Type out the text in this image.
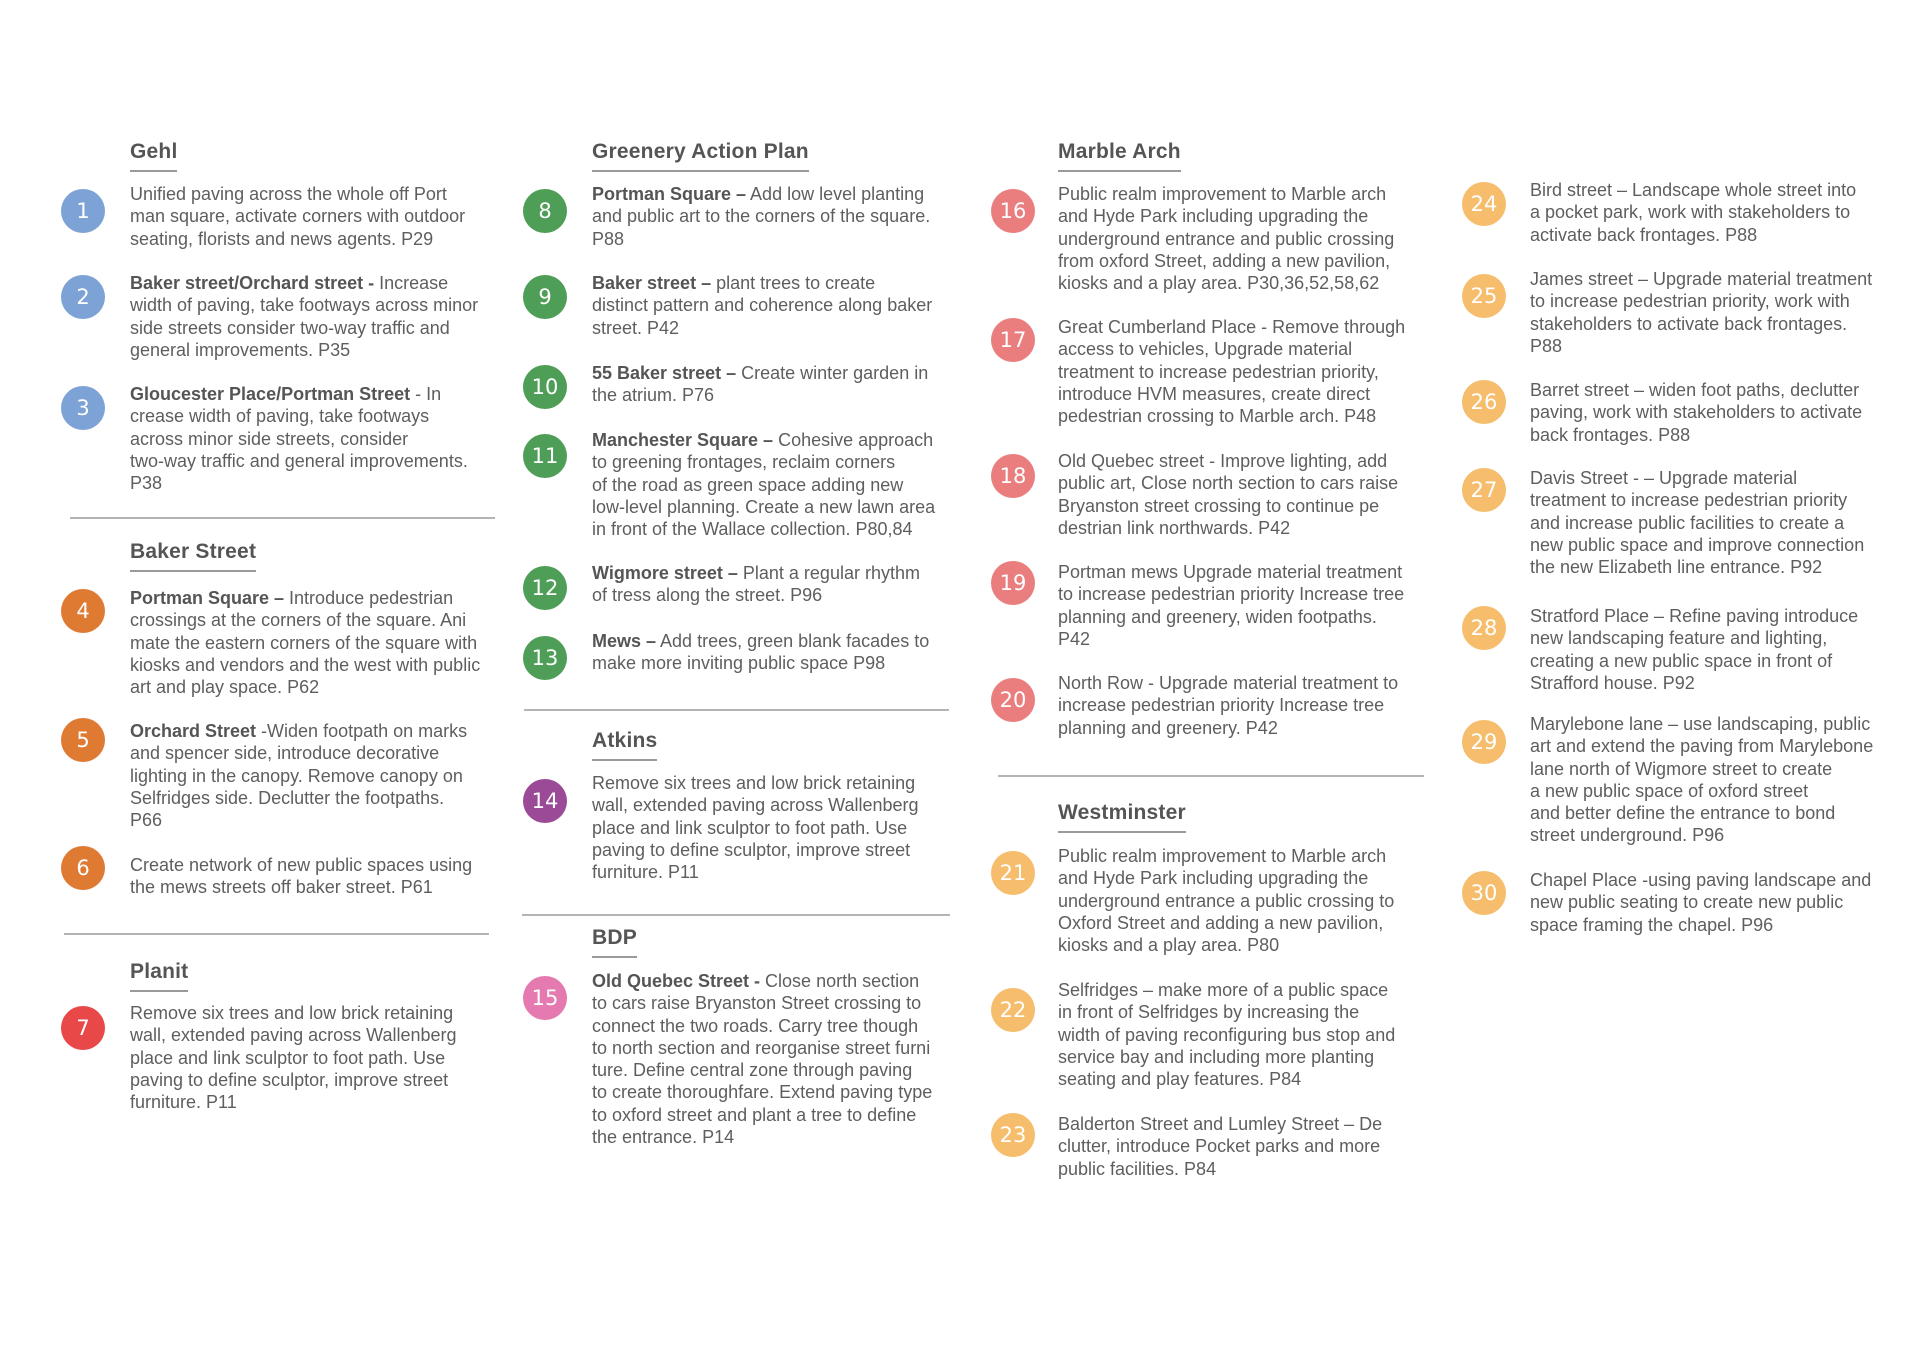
Gehl
1
Unified paving across the whole off Port
man square, activate corners with outdoor
seating, florists and news agents. P29
2
Baker street/Orchard street - Increase
width of paving, take footways across minor
side streets consider two-way traffic and
general improvements. P35
3
Gloucester Place/Portman Street - In
crease width of paving, take footways
across minor side streets, consider
two-way traffic and general improvements.
P38
Baker Street
4
Portman Square – Introduce pedestrian
crossings at the corners of the square. Ani
mate the eastern corners of the square with
kiosks and vendors and the west with public
art and play space. P62
5	Orchard Street -Widen footpath on marks
and spencer side, introduce decorative
lighting in the canopy. Remove canopy on
Selfridges side. Declutter the footpaths.
P66
6	Create network of new public spaces using
the mews streets off baker street. P61
Planit
7
Remove six trees and low brick retaining
wall, extended paving across Wallenberg
place and link sculptor to foot path. Use
paving to define sculptor, improve street
furniture. P11
Greenery Action Plan
8
Portman Square – Add low level planting
and public art to the corners of the square.
P88
9
Baker street – plant trees to create
distinct pattern and coherence along baker
street. P42
10
55 Baker street – Create winter garden in
the atrium. P76
11
Manchester Square – Cohesive approach
to greening frontages, reclaim corners
of the road as green space adding new
low-level planning. Create a new lawn area
in front of the Wallace collection. P80,84
12
Wigmore street – Plant a regular rhythm
of tress along the street. P96
13
Mews – Add trees, green blank facades to
make more inviting public space P98
Atkins
14
Remove six trees and low brick retaining
wall, extended paving across Wallenberg
place and link sculptor to foot path. Use
paving to define sculptor, improve street
furniture. P11
BDP
15
Old Quebec Street - Close north section
to cars raise Bryanston Street crossing to
connect the two roads. Carry tree though
to north section and reorganise street furni
ture. Define central zone through paving
to create thoroughfare. Extend paving type
to oxford street and plant a tree to define
the entrance. P14
Marble Arch
16
Public realm improvement to Marble arch
and Hyde Park including upgrading the
underground entrance and public crossing
from oxford Street, adding a new pavilion,
kiosks and a play area. P30,36,52,58,62
17
Great Cumberland Place - Remove through
access to vehicles, Upgrade material
treatment to increase pedestrian priority,
introduce HVM measures, create direct
pedestrian crossing to Marble arch. P48
18
Old Quebec street - Improve lighting, add
public art, Close north section to cars raise
Bryanston street crossing to continue pe
destrian link northwards. P42
19	Portman mews Upgrade material treatment
to increase pedestrian priority Increase tree
planning and greenery, widen footpaths.
P42
20
North Row - Upgrade material treatment to
increase pedestrian priority Increase tree
planning and greenery. P42
Westminster
21
Public realm improvement to Marble arch
and Hyde Park including upgrading the
underground entrance a public crossing to
Oxford Street and adding a new pavilion,
kiosks and a play area. P80
22
Selfridges – make more of a public space
in front of Selfridges by increasing the
width of paving reconfiguring bus stop and
service bay and including more planting
seating and play features. P84
23	Balderton Street and Lumley Street – De
clutter, introduce Pocket parks and more
public facilities. P84
24
Bird street – Landscape whole street into
a pocket park, work with stakeholders to
activate back frontages. P88
25
James street – Upgrade material treatment
to increase pedestrian priority, work with
stakeholders to activate back frontages.
P88
26	Barret street – widen foot paths, declutter
paving, work with stakeholders to activate
back frontages. P88
27	Davis Street - – Upgrade material
treatment to increase pedestrian priority
and increase public facilities to create a
new public space and improve connection
the new Elizabeth line entrance. P92
28	Stratford Place – Refine paving introduce
new landscaping feature and lighting,
creating a new public space in front of
Strafford house. P92
29
Marylebone lane – use landscaping, public
art and extend the paving from Marylebone
lane north of Wigmore street to create
a new public space of oxford street
and better define the entrance to bond
street underground. P96
30
Chapel Place -using paving landscape and
new public seating to create new public
space framing the chapel. P96
